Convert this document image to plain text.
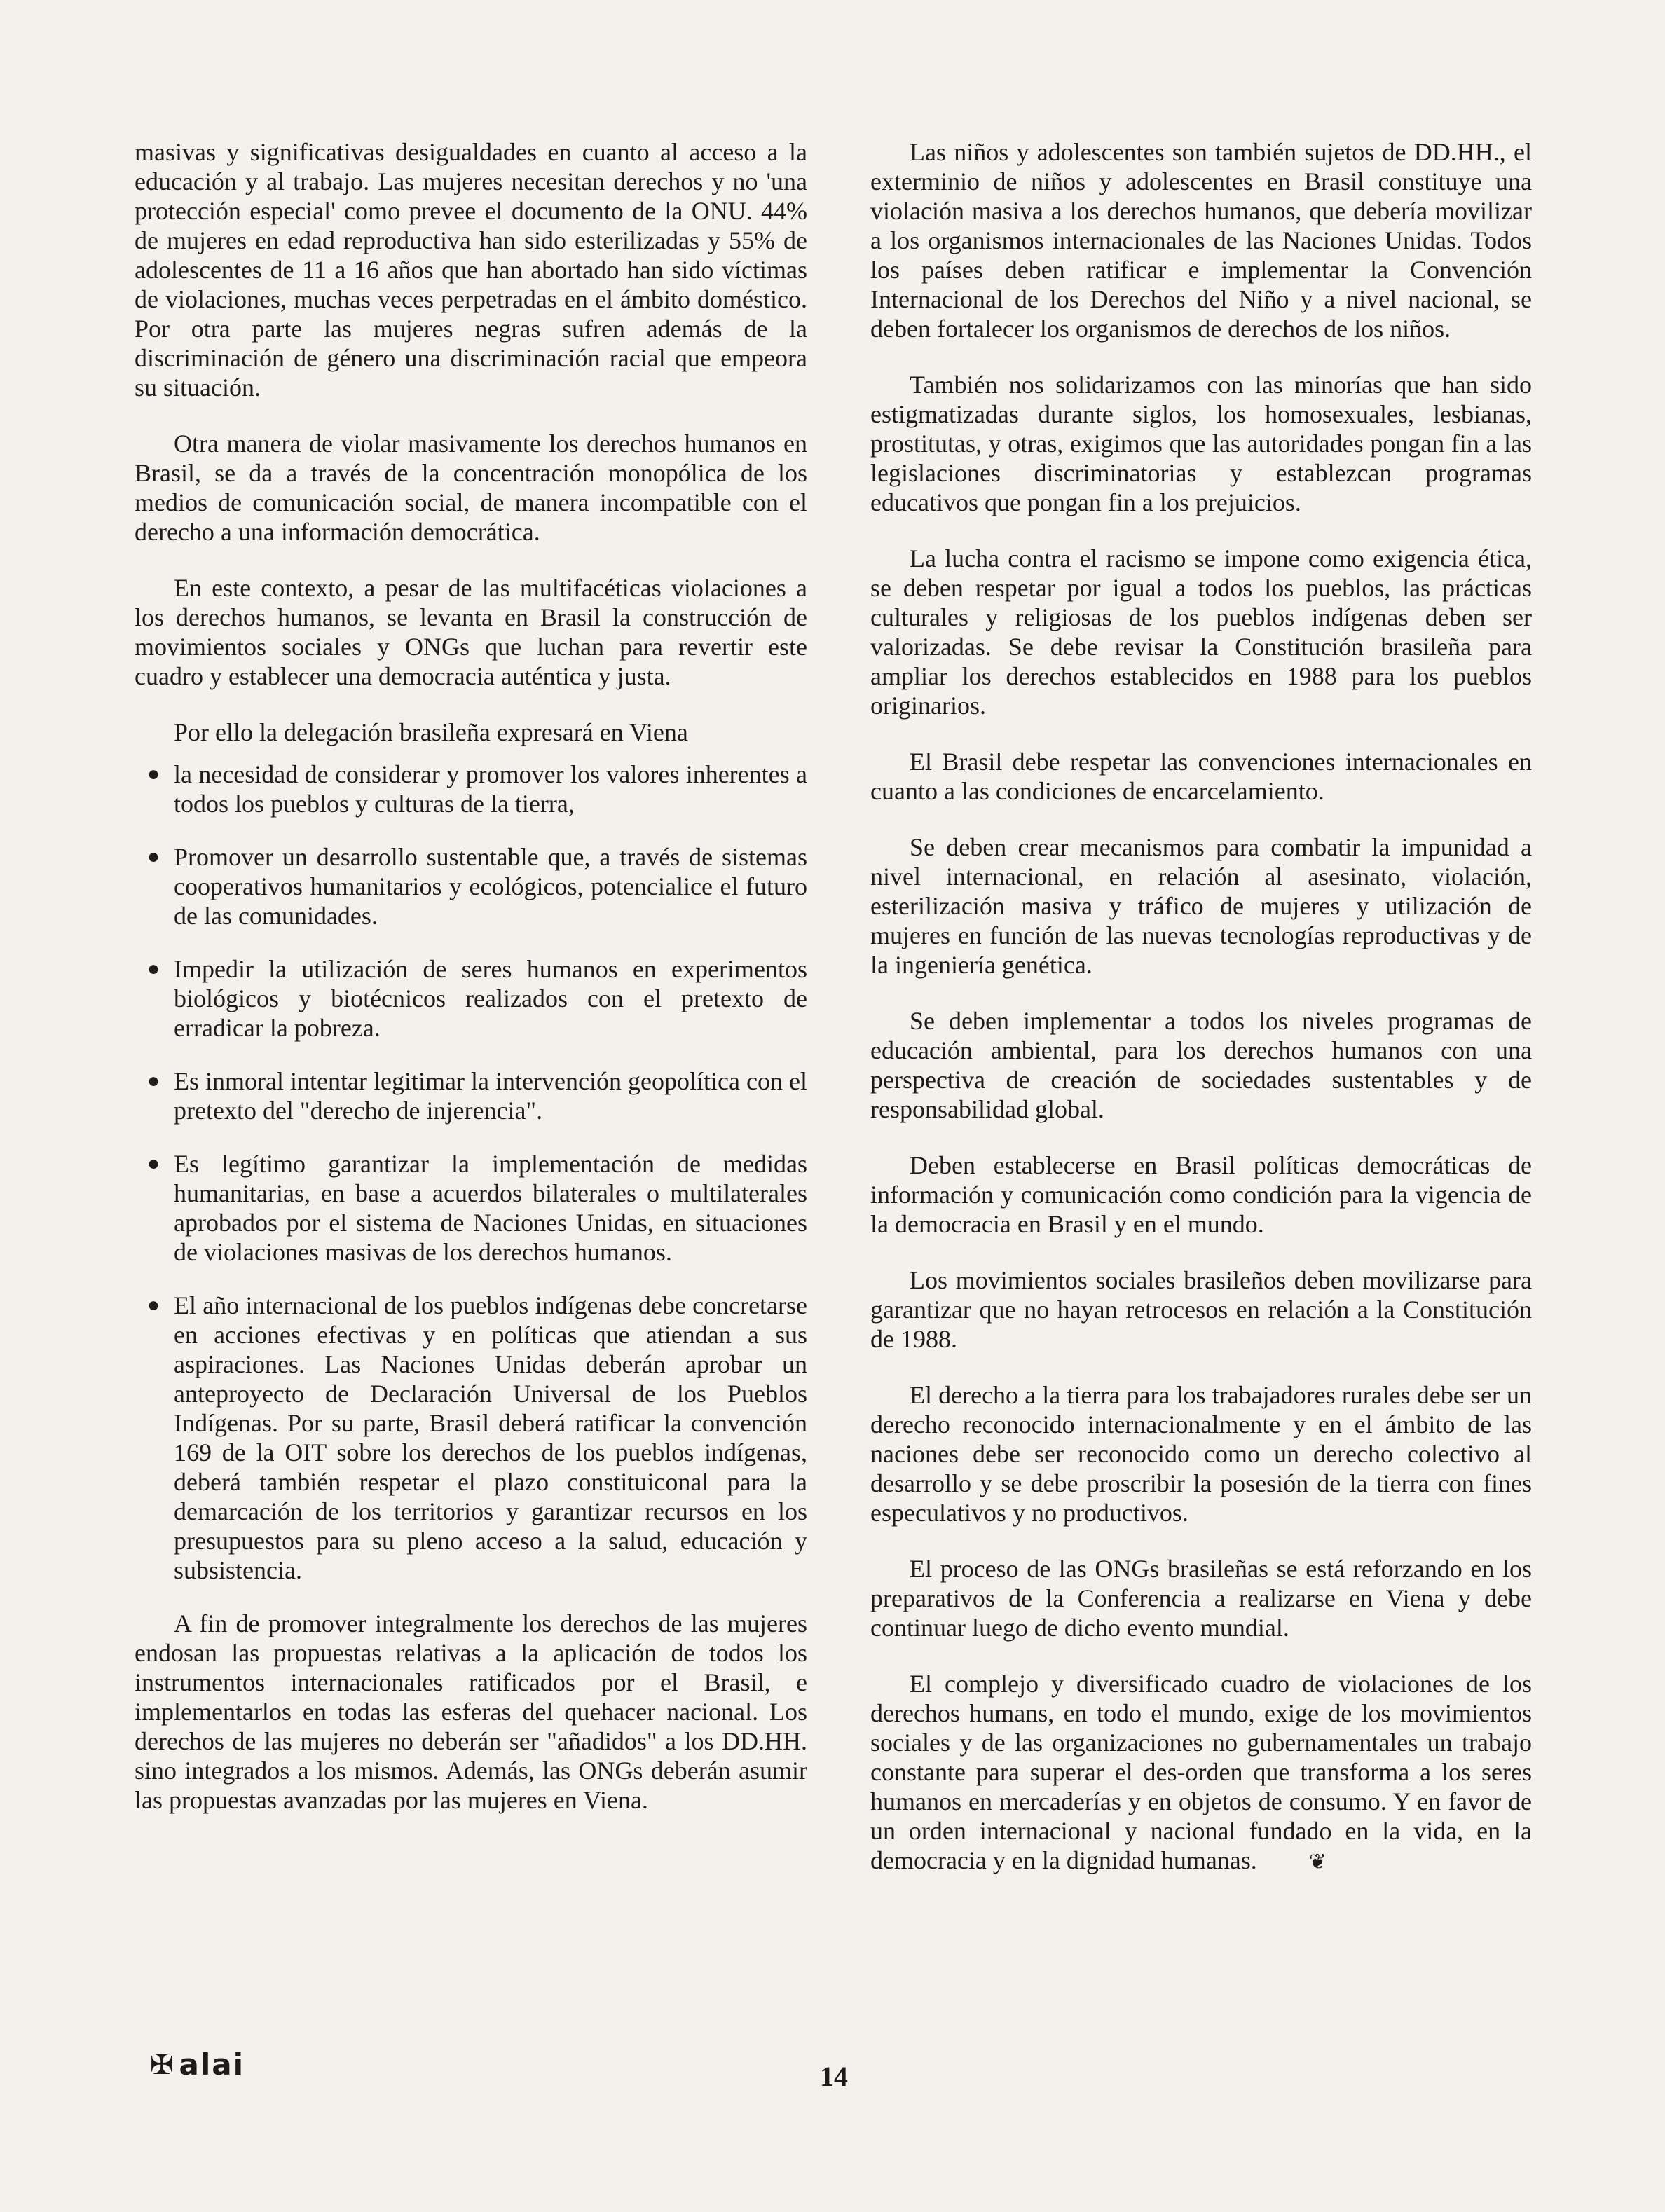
masivas y significativas desigualdades en cuanto al acceso a la educación y al trabajo. Las mujeres necesitan derechos y no 'una protección especial' como prevee el documento de la ONU. 44% de mujeres en edad reproductiva han sido esterilizadas y 55% de adolescentes de 11 a 16 años que han abortado han sido víctimas de violaciones, muchas veces perpetradas en el ámbito doméstico. Por otra parte las mujeres negras sufren además de la discriminación de género una discriminación racial que empeora su situación.

Otra manera de violar masivamente los derechos humanos en Brasil, se da a través de la concentración monopólica de los medios de comunicación social, de manera incompatible con el derecho a una información democrática.

En este contexto, a pesar de las multifacéticas violaciones a los derechos humanos, se levanta en Brasil la construcción de movimientos sociales y ONGs que luchan para revertir este cuadro y establecer una democracia auténtica y justa.

Por ello la delegación brasileña expresará en Viena

● la necesidad de considerar y promover los valores inherentes a todos los pueblos y culturas de la tierra,
● Promover un desarrollo sustentable que, a través de sistemas cooperativos humanitarios y ecológicos, potencialice el futuro de las comunidades.
● Impedir la utilización de seres humanos en experimentos biológicos y biotécnicos realizados con el pretexto de erradicar la pobreza.
● Es inmoral intentar legitimar la intervención geopolítica con el pretexto del "derecho de injerencia".
● Es legítimo garantizar la implementación de medidas humanitarias, en base a acuerdos bilaterales o multilaterales aprobados por el sistema de Naciones Unidas, en situaciones de violaciones masivas de los derechos humanos.
● El año internacional de los pueblos indígenas debe concretarse en acciones efectivas y en políticas que atiendan a sus aspiraciones. Las Naciones Unidas deberán aprobar un anteproyecto de Declaración Universal de los Pueblos Indígenas. Por su parte, Brasil deberá ratificar la convención 169 de la OIT sobre los derechos de los pueblos indígenas, deberá también respetar el plazo constituiconal para la demarcación de los territorios y garantizar recursos en los presupuestos para su pleno acceso a la salud, educación y subsistencia.

A fin de promover integralmente los derechos de las mujeres endosan las propuestas relativas a la aplicación de todos los instrumentos internacionales ratificados por el Brasil, e implementarlos en todas las esferas del quehacer nacional. Los derechos de las mujeres no deberán ser "añadidos" a los DD.HH. sino integrados a los mismos. Además, las ONGs deberán asumir las propuestas avanzadas por las mujeres en Viena.

Las niños y adolescentes son también sujetos de DD.HH., el exterminio de niños y adolescentes en Brasil constituye una violación masiva a los derechos humanos, que debería movilizar a los organismos internacionales de las Naciones Unidas. Todos los países deben ratificar e implementar la Convención Internacional de los Derechos del Niño y a nivel nacional, se deben fortalecer los organismos de derechos de los niños.

También nos solidarizamos con las minorías que han sido estigmatizadas durante siglos, los homosexuales, lesbianas, prostitutas, y otras, exigimos que las autoridades pongan fin a las legislaciones discriminatorias y establezcan programas educativos que pongan fin a los prejuicios.

La lucha contra el racismo se impone como exigencia ética, se deben respetar por igual a todos los pueblos, las prácticas culturales y religiosas de los pueblos indígenas deben ser valorizadas. Se debe revisar la Constitución brasileña para ampliar los derechos establecidos en 1988 para los pueblos originarios.

El Brasil debe respetar las convenciones internacionales en cuanto a las condiciones de encarcelamiento.

Se deben crear mecanismos para combatir la impunidad a nivel internacional, en relación al asesinato, violación, esterilización masiva y tráfico de mujeres y utilización de mujeres en función de las nuevas tecnologías reproductivas y de la ingeniería genética.

Se deben implementar a todos los niveles programas de educación ambiental, para los derechos humanos con una perspectiva de creación de sociedades sustentables y de responsabilidad global.

Deben establecerse en Brasil políticas democráticas de información y comunicación como condición para la vigencia de la democracia en Brasil y en el mundo.

Los movimientos sociales brasileños deben movilizarse para garantizar que no hayan retrocesos en relación a la Constitución de 1988.

El derecho a la tierra para los trabajadores rurales debe ser un derecho reconocido internacionalmente y en el ámbito de las naciones debe ser reconocido como un derecho colectivo al desarrollo y se debe proscribir la posesión de la tierra con fines especulativos y no productivos.

El proceso de las ONGs brasileñas se está reforzando en los preparativos de la Conferencia a realizarse en Viena y debe continuar luego de dicho evento mundial.

El complejo y diversificado cuadro de violaciones de los derechos humans, en todo el mundo, exige de los movimientos sociales y de las organizaciones no gubernamentales un trabajo constante para superar el des-orden que transforma a los seres humanos en mercaderías y en objetos de consumo. Y en favor de un orden internacional y nacional fundado en la vida, en la democracia y en la dignidad humanas. ❦

✠ alai	14
